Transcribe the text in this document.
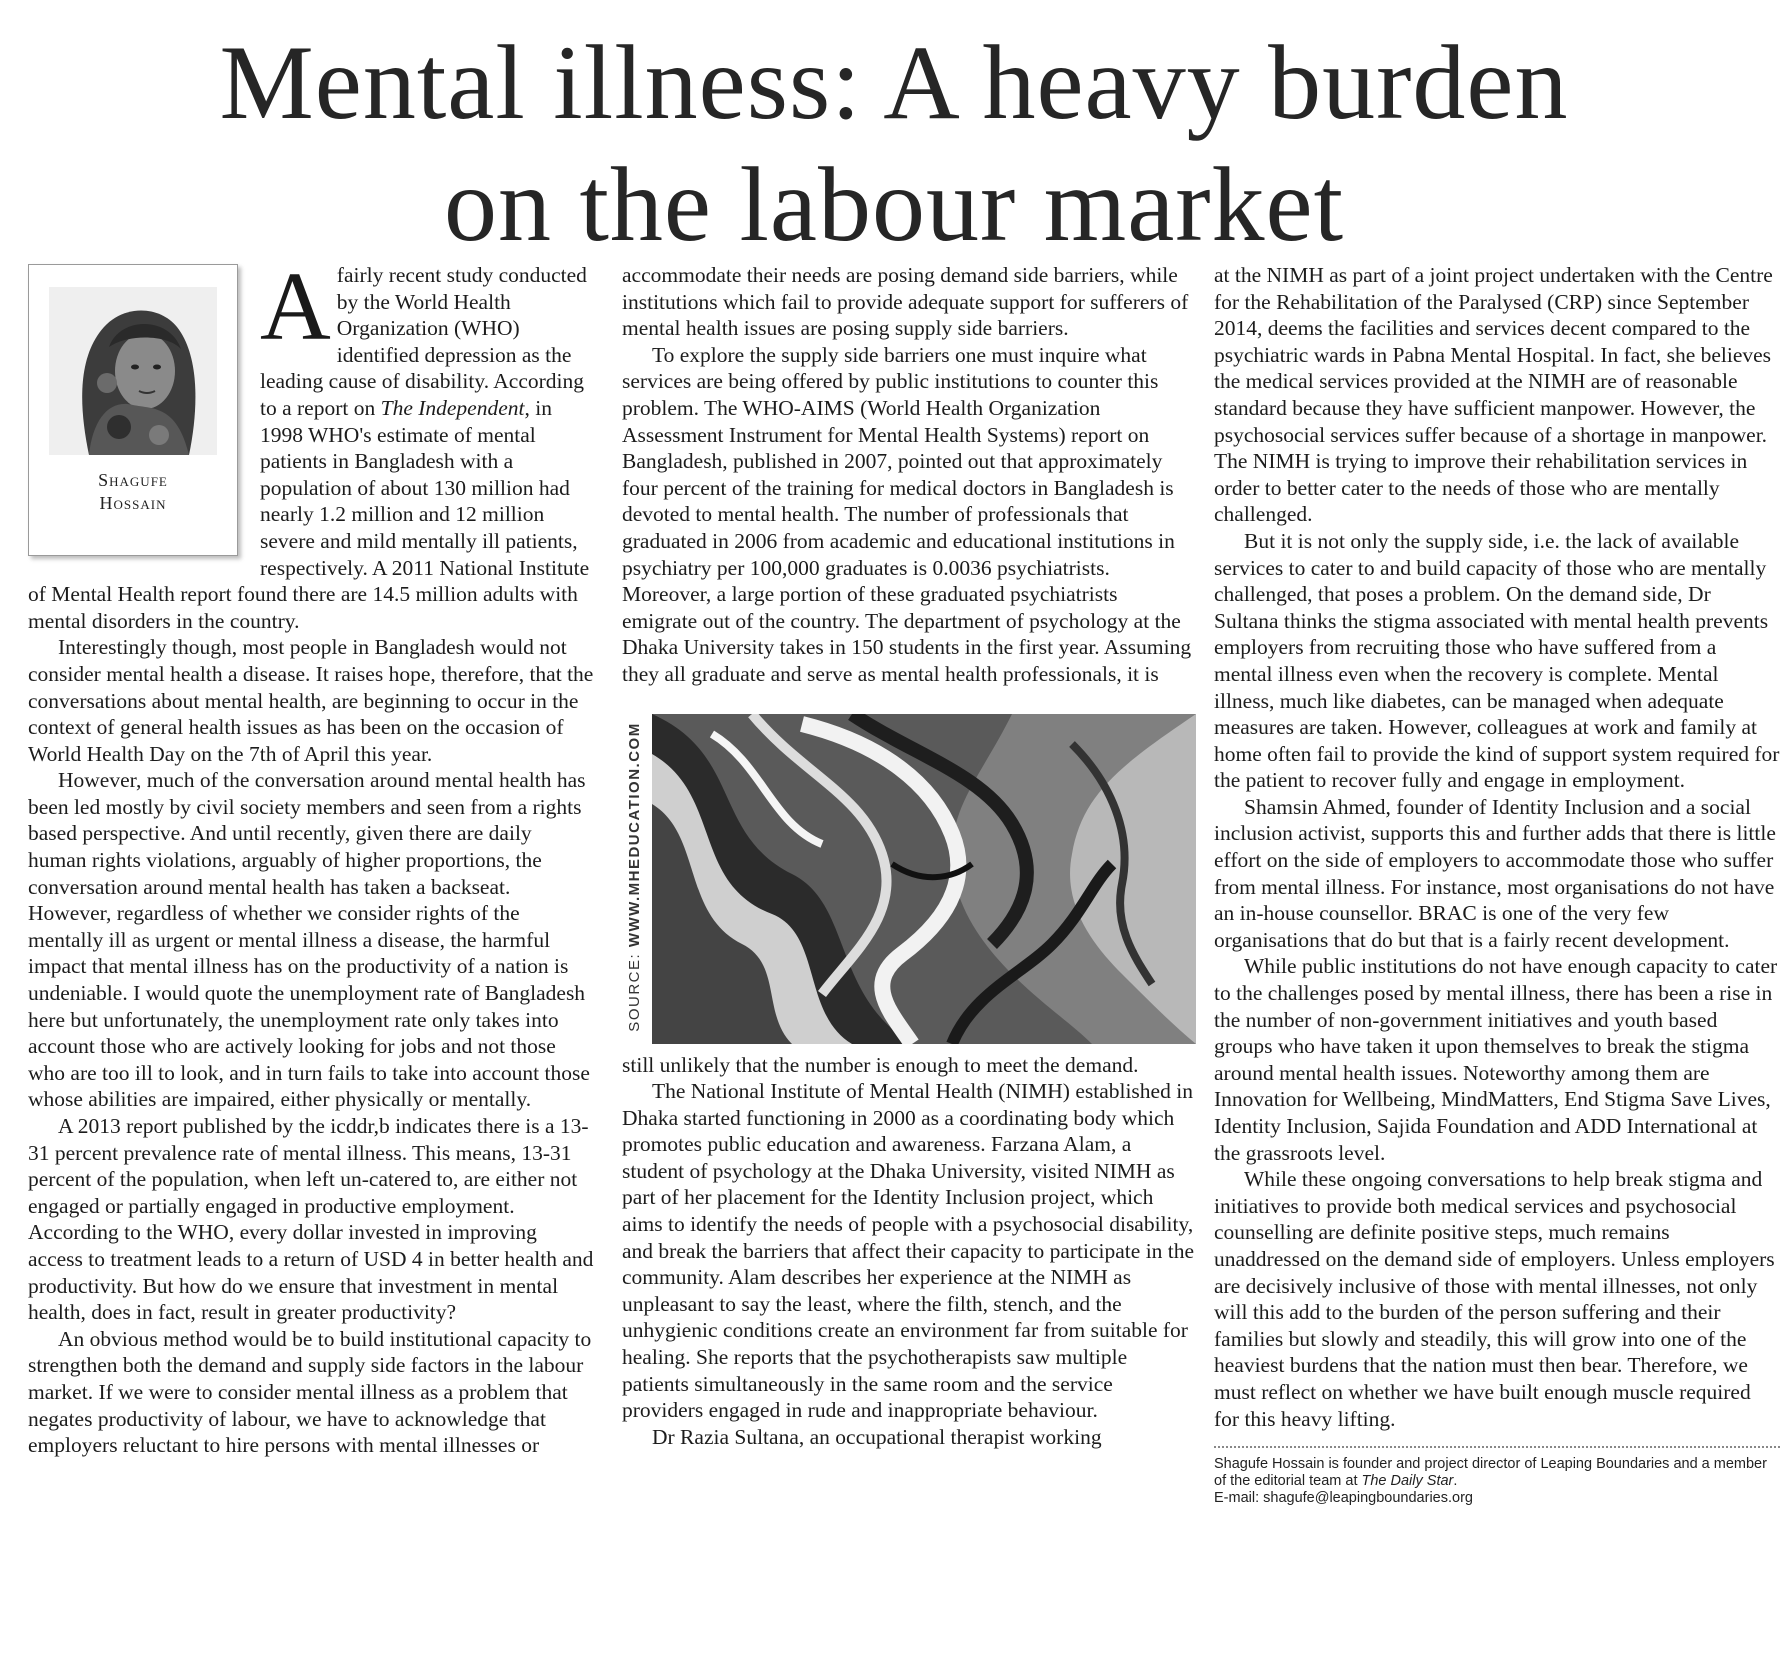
Mental illness: A heavy burden
on the labour market
Shagufe
Hossain

A fairly recent study conducted by the World Health Organization (WHO) identified depression as the leading cause of disability. According to a report on The Independent, in 1998 WHO's estimate of mental patients in Bangladesh with a population of about 130 million had nearly 1.2 million and 12 million severe and mild mentally ill patients, respectively. A 2011 National Institute of Mental Health report found there are 14.5 million adults with mental disorders in the country.

Interestingly though, most people in Bangladesh would not consider mental health a disease. It raises hope, therefore, that the conversations about mental health, are beginning to occur in the context of general health issues as has been on the occasion of World Health Day on the 7th of April this year.

However, much of the conversation around mental health has been led mostly by civil society members and seen from a rights based perspective. And until recently, given there are daily human rights violations, arguably of higher proportions, the conversation around mental health has taken a backseat. However, regardless of whether we consider rights of the mentally ill as urgent or mental illness a disease, the harmful impact that mental illness has on the productivity of a nation is undeniable. I would quote the unemployment rate of Bangladesh here but unfortunately, the unemployment rate only takes into account those who are actively looking for jobs and not those who are too ill to look, and in turn fails to take into account those whose abilities are impaired, either physically or mentally.

A 2013 report published by the icddr,b indicates there is a 13-31 percent prevalence rate of mental illness. This means, 13-31 percent of the population, when left un-catered to, are either not engaged or partially engaged in productive employment. According to the WHO, every dollar invested in improving access to treatment leads to a return of USD 4 in better health and productivity. But how do we ensure that investment in mental health, does in fact, result in greater productivity?

An obvious method would be to build institutional capacity to strengthen both the demand and supply side factors in the labour market. If we were to consider mental illness as a problem that negates productivity of labour, we have to acknowledge that employers reluctant to hire persons with mental illnesses or

accommodate their needs are posing demand side barriers, while institutions which fail to provide adequate support for sufferers of mental health issues are posing supply side barriers.

To explore the supply side barriers one must inquire what services are being offered by public institutions to counter this problem. The WHO-AIMS (World Health Organization Assessment Instrument for Mental Health Systems) report on Bangladesh, published in 2007, pointed out that approximately four percent of the training for medical doctors in Bangladesh is devoted to mental health. The number of professionals that graduated in 2006 from academic and educational institutions in psychiatry per 100,000 graduates is 0.0036 psychiatrists. Moreover, a large portion of these graduated psychiatrists emigrate out of the country. The department of psychology at the Dhaka University takes in 150 students in the first year. Assuming they all graduate and serve as mental health professionals, it is

SOURCE: WWW.MHEDUCATION.COM

still unlikely that the number is enough to meet the demand.

The National Institute of Mental Health (NIMH) established in Dhaka started functioning in 2000 as a coordinating body which promotes public education and awareness. Farzana Alam, a student of psychology at the Dhaka University, visited NIMH as part of her placement for the Identity Inclusion project, which aims to identify the needs of people with a psychosocial disability, and break the barriers that affect their capacity to participate in the community. Alam describes her experience at the NIMH as unpleasant to say the least, where the filth, stench, and the unhygienic conditions create an environment far from suitable for healing. She reports that the psychotherapists saw multiple patients simultaneously in the same room and the service providers engaged in rude and inappropriate behaviour.

Dr Razia Sultana, an occupational therapist working

at the NIMH as part of a joint project undertaken with the Centre for the Rehabilitation of the Paralysed (CRP) since September 2014, deems the facilities and services decent compared to the psychiatric wards in Pabna Mental Hospital. In fact, she believes the medical services provided at the NIMH are of reasonable standard because they have sufficient manpower. However, the psychosocial services suffer because of a shortage in manpower. The NIMH is trying to improve their rehabilitation services in order to better cater to the needs of those who are mentally challenged.

But it is not only the supply side, i.e. the lack of available services to cater to and build capacity of those who are mentally challenged, that poses a problem. On the demand side, Dr Sultana thinks the stigma associated with mental health prevents employers from recruiting those who have suffered from a mental illness even when the recovery is complete. Mental illness, much like diabetes, can be managed when adequate measures are taken. However, colleagues at work and family at home often fail to provide the kind of support system required for the patient to recover fully and engage in employment.

Shamsin Ahmed, founder of Identity Inclusion and a social inclusion activist, supports this and further adds that there is little effort on the side of employers to accommodate those who suffer from mental illness. For instance, most organisations do not have an in-house counsellor. BRAC is one of the very few organisations that do but that is a fairly recent development.

While public institutions do not have enough capacity to cater to the challenges posed by mental illness, there has been a rise in the number of non-government initiatives and youth based groups who have taken it upon themselves to break the stigma around mental health issues. Noteworthy among them are Innovation for Wellbeing, MindMatters, End Stigma Save Lives, Identity Inclusion, Sajida Foundation and ADD International at the grassroots level.

While these ongoing conversations to help break stigma and initiatives to provide both medical services and psychosocial counselling are definite positive steps, much remains unaddressed on the demand side of employers. Unless employers are decisively inclusive of those with mental illnesses, not only will this add to the burden of the person suffering and their families but slowly and steadily, this will grow into one of the heaviest burdens that the nation must then bear. Therefore, we must reflect on whether we have built enough muscle required for this heavy lifting.

Shagufe Hossain is founder and project director of Leaping Boundaries and a member of the editorial team at The Daily Star.
E-mail: shagufe@leapingboundaries.org
